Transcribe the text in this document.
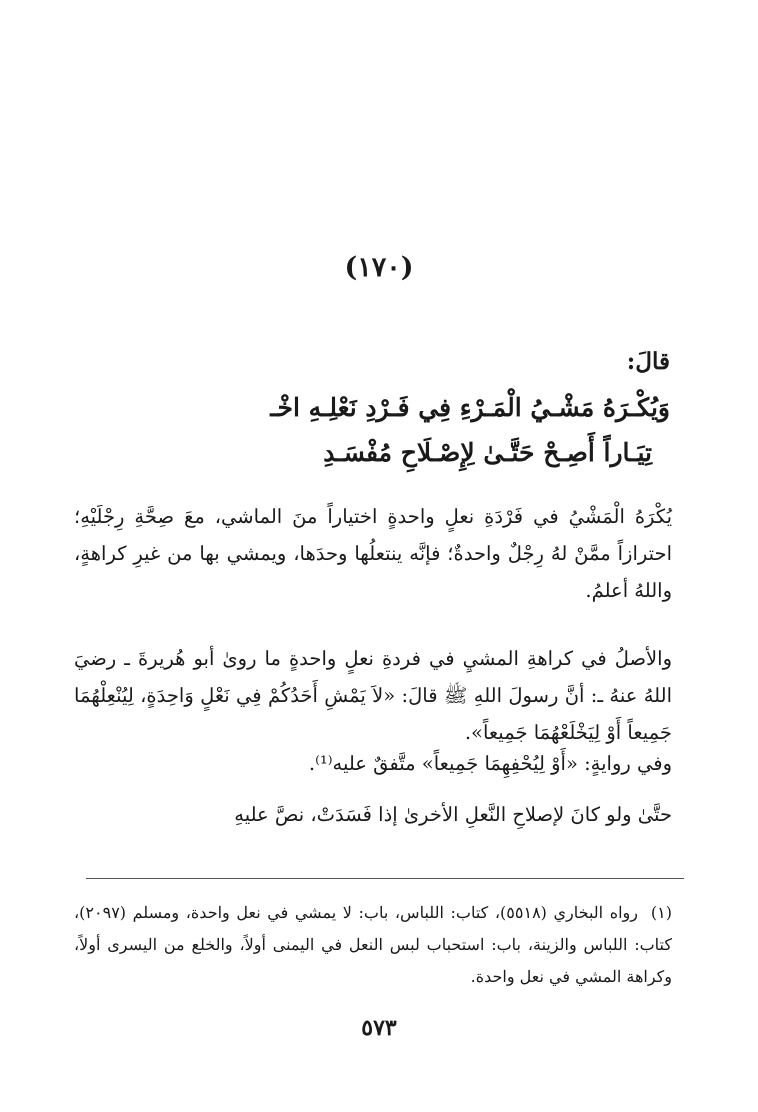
(١٧٠)
قالَ:
وَيُكْـرَهُ مَشْـيُ الْمَـرْءِ فِي فَـرْدِ نَعْلِـهِ اخْـ
تِيَـاراً أَصِـحْ حَتَّـىٰ لِإِصْـلَاحِ مُفْسَـدِ
يُكْرَهُ الْمَشْيُ في فَرْدَةِ نعلٍ واحدةٍ اختياراً منَ الماشي، معَ صِحَّةِ رِجْلَيْهِ؛ احترازاً ممَّنْ لهُ رِجْلٌ واحدةٌ؛ فإنَّه ينتعلُها وحدَها، ويمشي بها من غيرِ كراهةٍ، واللهُ أعلمُ.
والأصلُ في كراهةِ المشيِ في فردةِ نعلٍ واحدةٍ ما روىٰ أبو هُريرةَ ـ رضيَ اللهُ عنهُ ـ: أنَّ رسولَ اللهِ ﷺ قالَ: «لاَ يَمْشِ أَحَدُكُمْ فِي نَعْلٍ وَاحِدَةٍ، لِيُنْعِلْهُمَا جَمِيعاً أَوْ لِيَخْلَعْهُمَا جَمِيعاً».
وفي روايةٍ: «أَوْ لِيُحْفِهِمَا جَمِيعاً» متَّفقٌ عليه⁽¹⁾.
حتَّىٰ ولو كانَ لإصلاحِ النَّعلِ الأخرىٰ إذا فَسَدَتْ، نصَّ عليهِ
(١)رواه البخاري (٥٥١٨)، كتاب: اللباس، باب: لا يمشي في نعل واحدة، ومسلم (٢٠٩٧)، كتاب: اللباس والزينة، باب: استحباب لبس النعل في اليمنى أولاً، والخلع من اليسرى أولاً، وكراهة المشي في نعل واحدة.
٥٧٣
